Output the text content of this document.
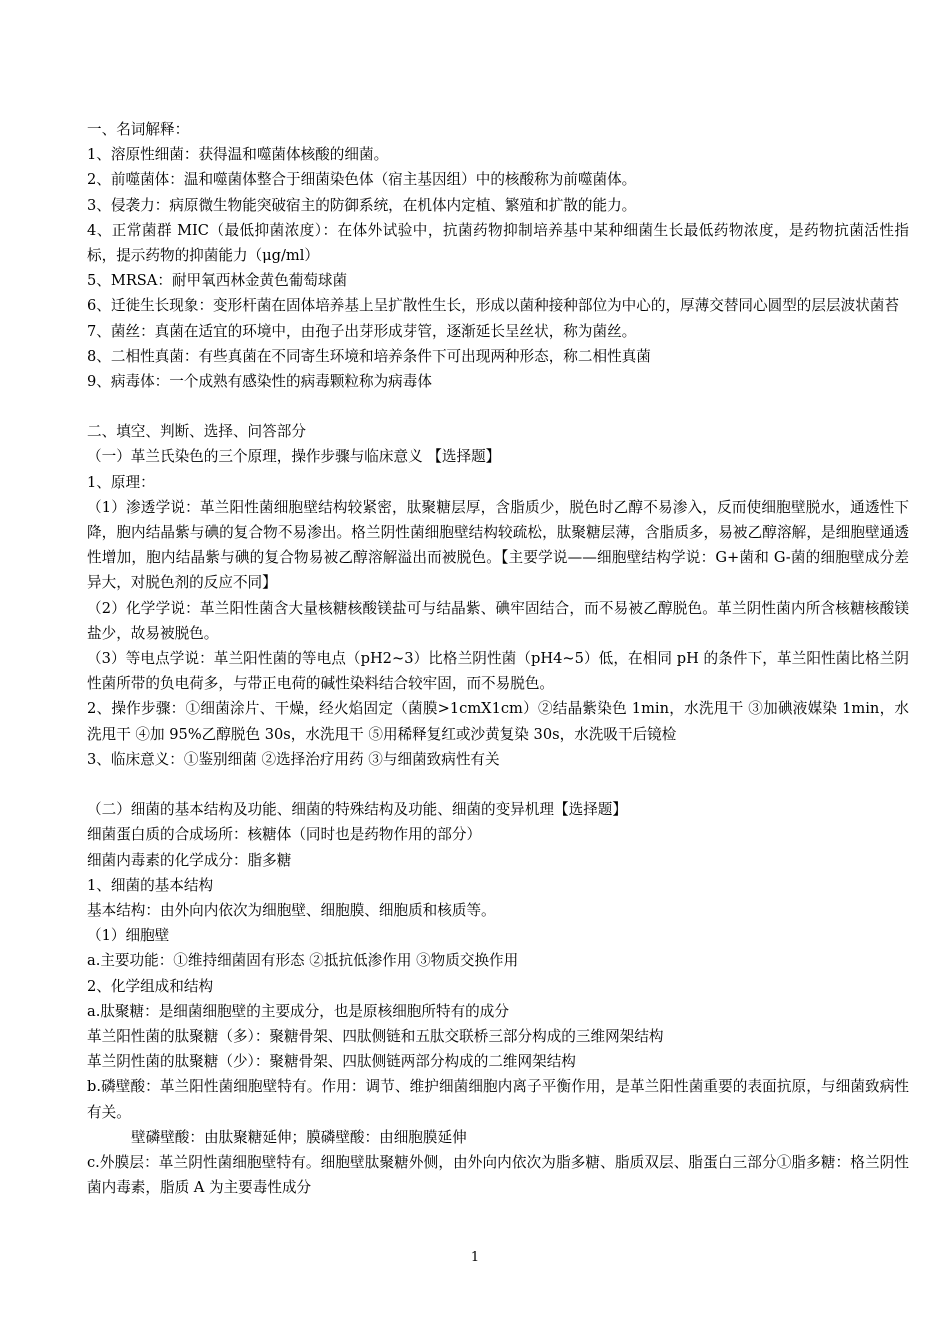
一、名词解释：
1、溶原性细菌：获得温和噬菌体核酸的细菌。
2、前噬菌体：温和噬菌体整合于细菌染色体（宿主基因组）中的核酸称为前噬菌体。
3、侵袭力：病原微生物能突破宿主的防御系统，在机体内定植、繁殖和扩散的能力。
4、正常菌群 MIC（最低抑菌浓度）：在体外试验中，抗菌药物抑制培养基中某种细菌生长最低药物浓度，是药物抗菌活性指标，提示药物的抑菌能力（μg/ml）
5、MRSA：耐甲氧西林金黄色葡萄球菌
6、迁徙生长现象：变形杆菌在固体培养基上呈扩散性生长，形成以菌种接种部位为中心的，厚薄交替同心圆型的层层波状菌苔
7、菌丝：真菌在适宜的环境中，由孢子出芽形成芽管，逐渐延长呈丝状，称为菌丝。
8、二相性真菌：有些真菌在不同寄生环境和培养条件下可出现两种形态，称二相性真菌
9、病毒体：一个成熟有感染性的病毒颗粒称为病毒体
二、填空、判断、选择、问答部分
（一）革兰氏染色的三个原理，操作步骤与临床意义 【选择题】
1、原理：
（1）渗透学说：革兰阳性菌细胞壁结构较紧密，肽聚糖层厚，含脂质少，脱色时乙醇不易渗入，反而使细胞壁脱水，通透性下降，胞内结晶紫与碘的复合物不易渗出。格兰阴性菌细胞壁结构较疏松，肽聚糖层薄，含脂质多，易被乙醇溶解，是细胞壁通透性增加，胞内结晶紫与碘的复合物易被乙醇溶解溢出而被脱色。【主要学说——细胞壁结构学说：G+菌和 G-菌的细胞壁成分差异大，对脱色剂的反应不同】
（2）化学学说：革兰阳性菌含大量核糖核酸镁盐可与结晶紫、碘牢固结合，而不易被乙醇脱色。革兰阴性菌内所含核糖核酸镁盐少，故易被脱色。
（3）等电点学说：革兰阳性菌的等电点（pH2~3）比格兰阴性菌（pH4~5）低，在相同 pH 的条件下，革兰阳性菌比格兰阴性菌所带的负电荷多，与带正电荷的碱性染料结合较牢固，而不易脱色。
2、操作步骤：①细菌涂片、干燥，经火焰固定（菌膜>1cmX1cm）②结晶紫染色 1min，水洗甩干 ③加碘液媒染 1min，水洗甩干 ④加 95%乙醇脱色 30s，水洗甩干 ⑤用稀释复红或沙黄复染 30s，水洗吸干后镜检
3、临床意义：①鉴别细菌 ②选择治疗用药 ③与细菌致病性有关
（二）细菌的基本结构及功能、细菌的特殊结构及功能、细菌的变异机理【选择题】
细菌蛋白质的合成场所：核糖体（同时也是药物作用的部分）
细菌内毒素的化学成分：脂多糖
1、细菌的基本结构
基本结构：由外向内依次为细胞壁、细胞膜、细胞质和核质等。
（1）细胞壁
a.主要功能：①维持细菌固有形态 ②抵抗低渗作用 ③物质交换作用
2、化学组成和结构
a.肽聚糖：是细菌细胞壁的主要成分，也是原核细胞所特有的成分
革兰阳性菌的肽聚糖（多）：聚糖骨架、四肽侧链和五肽交联桥三部分构成的三维网架结构
革兰阴性菌的肽聚糖（少）：聚糖骨架、四肽侧链两部分构成的二维网架结构
b.磷壁酸：革兰阳性菌细胞壁特有。作用：调节、维护细菌细胞内离子平衡作用，是革兰阳性菌重要的表面抗原，与细菌致病性有关。
壁磷壁酸：由肽聚糖延伸；膜磷壁酸：由细胞膜延伸
c.外膜层：革兰阴性菌细胞壁特有。细胞壁肽聚糖外侧，由外向内依次为脂多糖、脂质双层、脂蛋白三部分①脂多糖：格兰阴性菌内毒素，脂质 A 为主要毒性成分
1
